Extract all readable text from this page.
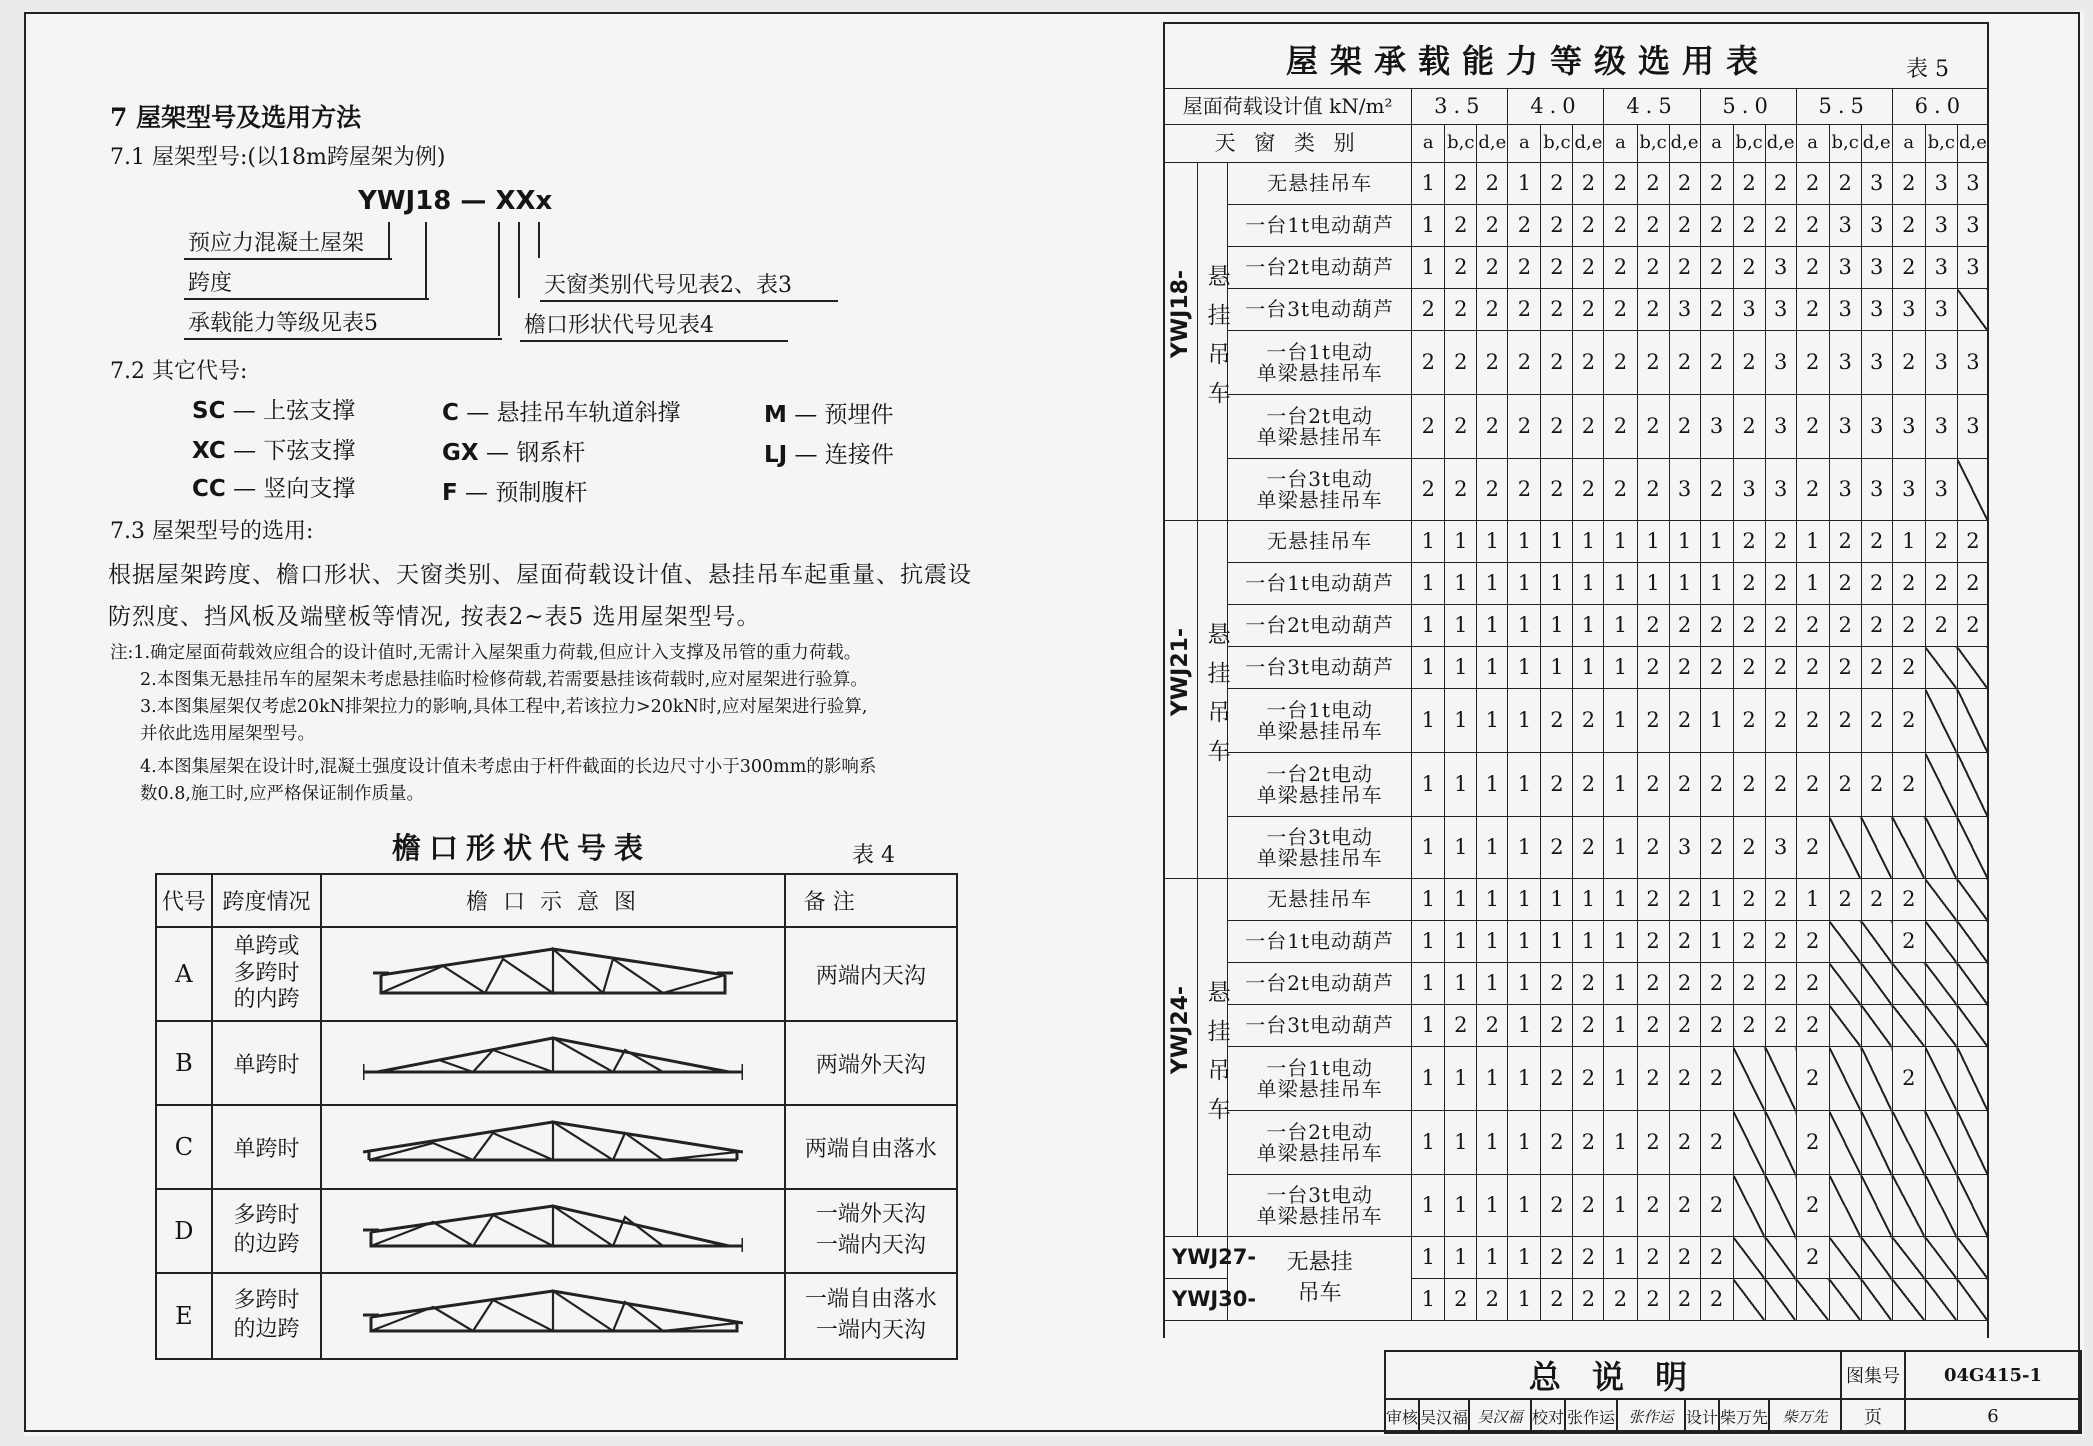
7 屋架型号及选用方法
7.1 屋架型号:(以18m跨屋架为例)
YWJ18 — XXx
预应力混凝土屋架
跨度
承载能力等级见表5
天窗类别代号见表2、表3
檐口形状代号见表4
7.2 其它代号:
SC — 上弦支撑
XC — 下弦支撑
CC — 竖向支撑
C — 悬挂吊车轨道斜撑
GX — 钢系杆
F — 预制腹杆
M — 预埋件
LJ — 连接件
7.3 屋架型号的选用:
根据屋架跨度、檐口形状、天窗类别、屋面荷载设计值、悬挂吊车起重量、抗震设
防烈度、挡风板及端壁板等情况, 按表2~表5 选用屋架型号。
注:1.确定屋面荷载效应组合的设计值时,无需计入屋架重力荷载,但应计入支撑及吊管的重力荷载。
2.本图集无悬挂吊车的屋架未考虑悬挂临时检修荷载,若需要悬挂该荷载时,应对屋架进行验算。
3.本图集屋架仅考虑20kN排架拉力的影响,具体工程中,若该拉力>20kN时,应对屋架进行验算,
并依此选用屋架型号。
4.本图集屋架在设计时,混凝土强度设计值未考虑由于杆件截面的长边尺寸小于300mm的影响系
数0.8,施工时,应严格保证制作质量。
檐口形状代号表	表 4
代号	跨度情况	檐 口 示 意 图	备 注
A	单跨或
多跨时
的内跨		两端内天沟
B	单跨时		两端外天沟
C	单跨时		两端自由落水
D	多跨时
的边跨		一端外天沟
一端内天沟
E	多跨时
的边跨		一端自由落水
一端内天沟
屋架承载能力等级选用表	表 5
屋面荷载设计值 kN/m²			3.5			4.0			4.5			5.0			5.5			6.0		
天 窗 类 别			a	b,c	d,e	a	b,c	d,e	a	b,c	d,e	a	b,c	d,e	a	b,c	d,e	a	b,c	d,e

YWJ18-	悬挂吊车	无悬挂吊车	1	2	2	1	2	2	2	2	2	2	2	2	2	2	3	2	3	3
		一台1t电动葫芦	1	2	2	2	2	2	2	2	2	2	2	2	2	3	3	2	3	3
		一台2t电动葫芦	1	2	2	2	2	2	2	2	2	2	2	3	2	3	3	2	3	3
		一台3t电动葫芦	2	2	2	2	2	2	2	2	3	2	3	3	2	3	3	3	3	
		一台1t电动
单梁悬挂吊车	2	2	2	2	2	2	2	2	2	2	2	3	2	3	3	2	3	3
		一台2t电动
单梁悬挂吊车	2	2	2	2	2	2	2	2	2	3	2	3	2	3	3	3	3	3
		一台3t电动
单梁悬挂吊车	2	2	2	2	2	2	2	2	3	2	3	3	2	3	3	3	3	

YWJ21-	悬挂吊车	无悬挂吊车	1	1	1	1	1	1	1	1	1	1	2	2	1	2	2	1	2	2
		一台1t电动葫芦	1	1	1	1	1	1	1	1	1	1	2	2	1	2	2	2	2	2
		一台2t电动葫芦	1	1	1	1	1	1	1	2	2	2	2	2	2	2	2	2	2	2
		一台3t电动葫芦	1	1	1	1	1	1	1	2	2	2	2	2	2	2	2	2		
		一台1t电动
单梁悬挂吊车	1	1	1	1	2	2	1	2	2	1	2	2	2	2	2	2		
		一台2t电动
单梁悬挂吊车	1	1	1	1	2	2	1	2	2	2	2	2	2	2	2	2		
		一台3t电动
单梁悬挂吊车	1	1	1	1	2	2	1	2	3	2	2	3	2					

YWJ24-	悬挂吊车	无悬挂吊车	1	1	1	1	1	1	1	2	2	1	2	2	1	2	2	2		
		一台1t电动葫芦	1	1	1	1	1	1	1	2	2	1	2	2	2			2		
		一台2t电动葫芦	1	1	1	1	2	2	1	2	2	2	2	2	2					
		一台3t电动葫芦	1	2	2	1	2	2	1	2	2	2	2	2	2					
		一台1t电动
单梁悬挂吊车	1	1	1	1	2	2	1	2	2	2			2			2		
		一台2t电动
单梁悬挂吊车	1	1	1	1	2	2	1	2	2	2			2					
		一台3t电动
单梁悬挂吊车	1	1	1	1	2	2	1	2	2	2			2					
YWJ27-		无悬挂
吊车	1	1	1	1	2	2	1	2	2	2			2					
YWJ30-			1	2	2	1	2	2	2	2	2	2								
总 说 明									图集号	04G415-1
审核	吴汉福	吴汉福	校对	张作运	张作运	设计	柴万先	柴万先	页	6
